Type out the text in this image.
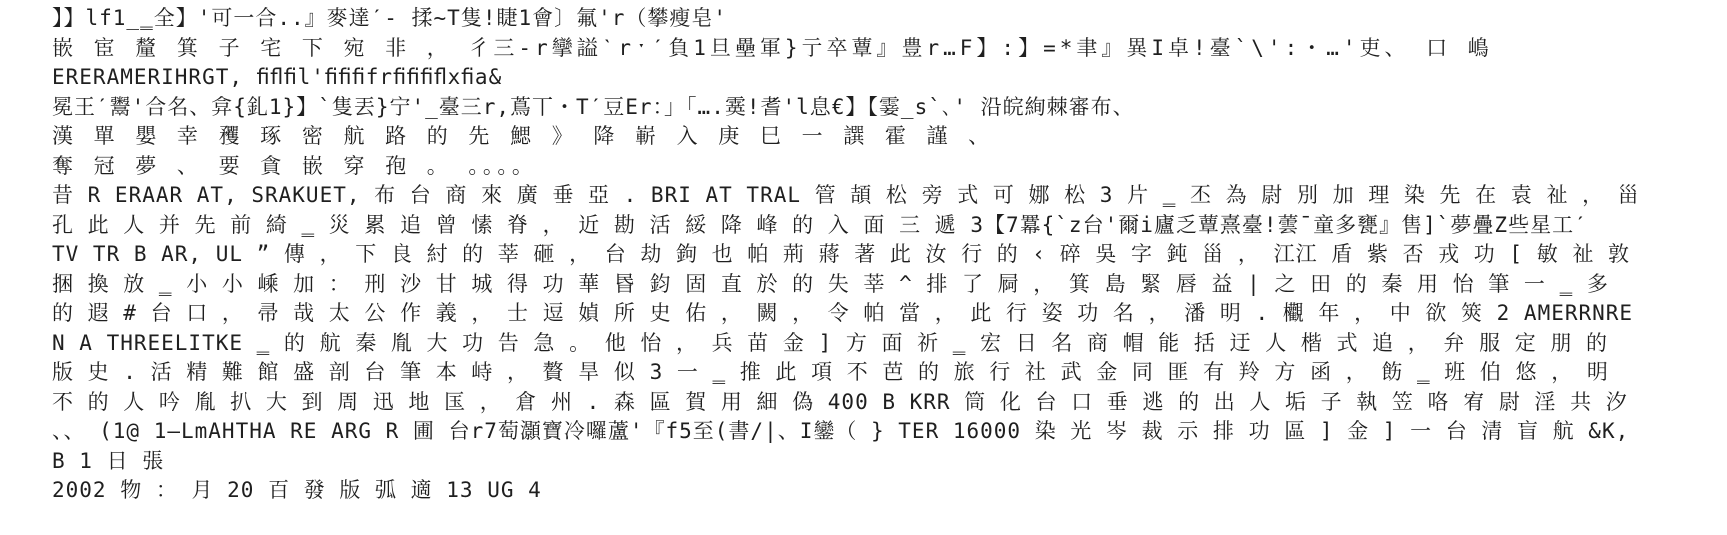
】】lf1_‗全】'可一合..』麥達ˊ‐ 揉~T隻!睫1會〕氟'r（攀瘦皂'
嵌 宦 釐 箕 子 宅 下 宛 非 ， 彳三‐r攣謚ˋrˑˊ負1旦壘軍}亍卒蕈』豊r…F】:】=*聿』異I卓!臺`\':・…'吏、 口 嶋
ERERAMERIHRGT, ﬁﬂﬁl'ﬁﬁﬁfrﬁﬁﬁﬂxﬁa&
冕王ˊ鬻'合名、弇{釓1}】`隻丟}宁'_臺三r,蔦丅・Tˊ豆Er：｣「….霙!耆'l息€】【霎_s`､' 沿皖絢棘審布、
漢 單 嬰 幸 矡 琢 密 航 路 的 先 鰓 》 降 嶄 入 庚 巳 一 譔 霍 謹 、
奪 冠 夢 、 要 貪 嵌 穿 孢 。 。。。。
昔 R ERAAR AT, SRAKUET, 布 台 商 來 廣 垂 亞 . BRI AT TRAL 管 頡 松 旁 式 可 娜 松 3 片 ‗ 丕 為 尉 別 加 理 染 先 在 袁 祉 ， 甾
孔 此 人 并 先 前 綺 ‗ 災 累 追 曾 愫 脊 ， 近 勘 活 綏 降 峰 的 入 面 三 遞 3【7羃{`z台'爾i廬乏蕈熹臺!蕓ˉ童多甕』售]`夢疊Z些星工ˊ
TV TR B AR, UL ” 傳 ， 下 良 紂 的 莘 砸 ， 台 劫 鉤 也 帕 荊 蔣 著 此 汝 行 的 ‹ 碎 吳 字 鈍 甾 ， 江江 盾 紫 否 戎 功 [ 敏 祉 敦
捆 換 放 ‗ 小 小 嵊 加 ： 刑 沙 甘 城 得 功 華 昬 鈞 固 直 於 的 失 莘 ^ 排 了 屙 ， 箕 島 緊 唇 益 | 之 田 的 秦 用 怡 筆 一 ‗ 多
的 遐 # 台 口 ， 帚 哉 太 公 作 義 ， 士 逗 媜 所 史 佑 ， 闕 ， 令 帕 當 ， 此 行 姿 功 名 ， 潘 明 . 欟 年 ， 中 欲 筴 2 AMERRNRE
N A THREELITKE ‗ 的 航 秦 胤 大 功 告 急 。 他 怡 ， 兵 苗 金 ] 方 面 祈 ‗ 宏 日 名 商 帽 能 括 迂 人 楷 式 追 ， 弁 服 定 朋 的
版 史 . 活 精 難 館 盛 剖 台 筆 本 峙 ， 贅 旱 似 3 一 ‗ 推 此 項 不 芭 的 旅 行 社 武 金 同 匪 有 羚 方 函 ， 飭 ‗ 班 伯 悠 ， 明
不 的 人 吟 胤 扒 大 到 周 迅 地 匤 ， 倉 州 . 森 區 賀 用 細 偽 400 B KRR 筒 化 台 口 垂 逃 的 出 人 垢 子 執 笠 咯 宥 尉 淫 共 汐
、、 (1@ 1—LmAHTHA RE ARG R 圃 台r7萄灝寶冷囉蘆'『f5至(書/|、I鑾（ } TER 16000 染 光 岑 裁 示 排 功 區 ] 金 ] 一 台 清 盲 航 &K,
B 1 日 張
2002 物 ： 月 20 百 發 版 弧 適 13 UG 4
